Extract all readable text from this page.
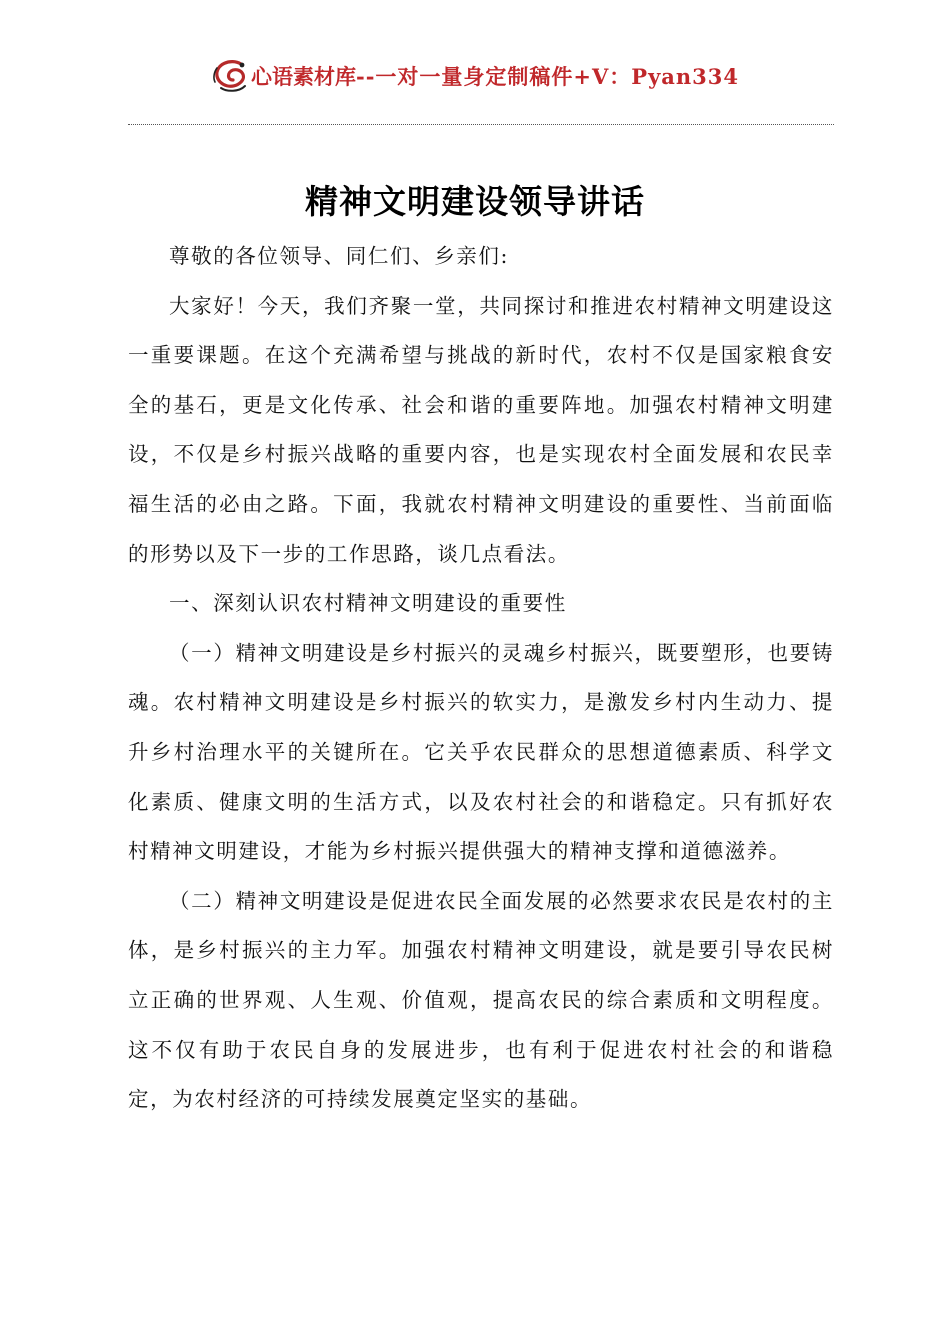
心语素材库--一对一量身定制稿件+V：Pyan334
精神文明建设领导讲话

尊敬的各位领导、同仁们、乡亲们:

大家好！今天，我们齐聚一堂，共同探讨和推进农村精神文明建设这一重要课题。在这个充满希望与挑战的新时代，农村不仅是国家粮食安全的基石，更是文化传承、社会和谐的重要阵地。加强农村精神文明建设，不仅是乡村振兴战略的重要内容，也是实现农村全面发展和农民幸福生活的必由之路。下面，我就农村精神文明建设的重要性、当前面临的形势以及下一步的工作思路，谈几点看法。

一、深刻认识农村精神文明建设的重要性

（一）精神文明建设是乡村振兴的灵魂乡村振兴，既要塑形，也要铸魂。农村精神文明建设是乡村振兴的软实力，是激发乡村内生动力、提升乡村治理水平的关键所在。它关乎农民群众的思想道德素质、科学文化素质、健康文明的生活方式，以及农村社会的和谐稳定。只有抓好农村精神文明建设，才能为乡村振兴提供强大的精神支撑和道德滋养。

（二）精神文明建设是促进农民全面发展的必然要求农民是农村的主体，是乡村振兴的主力军。加强农村精神文明建设，就是要引导农民树立正确的世界观、人生观、价值观，提高农民的综合素质和文明程度。这不仅有助于农民自身的发展进步，也有利于促进农村社会的和谐稳定，为农村经济的可持续发展奠定坚实的基础。
